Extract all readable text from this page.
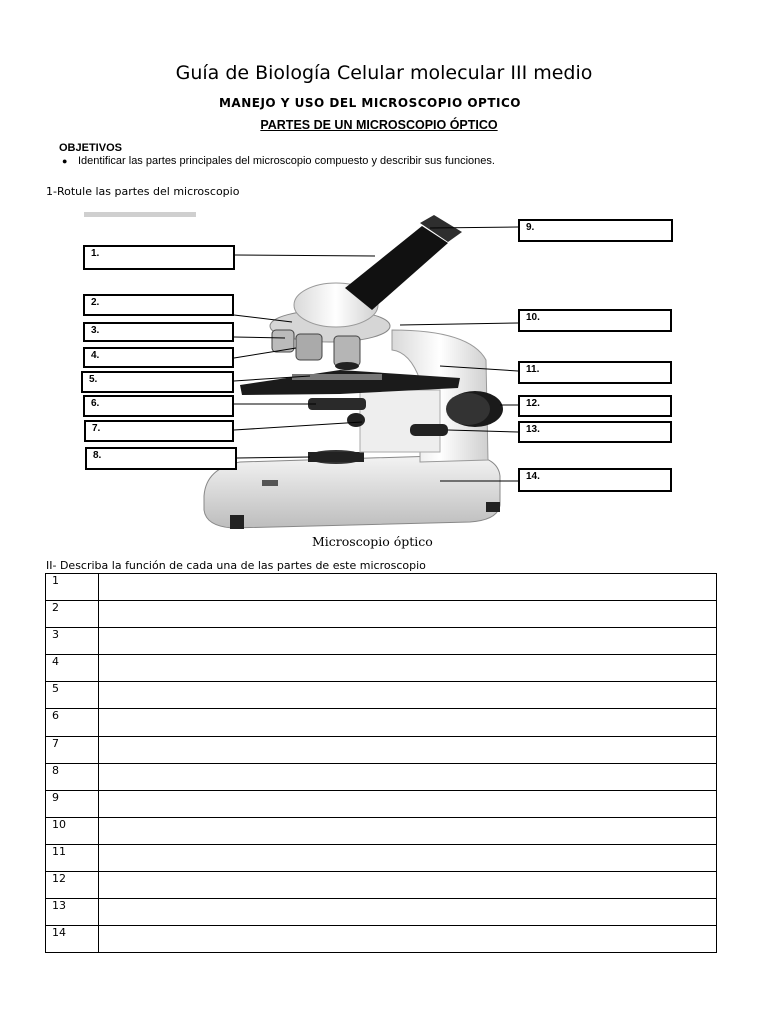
Guía de Biología Celular molecular III medio
MANEJO Y USO DEL MICROSCOPIO OPTICO
PARTES DE UN MICROSCOPIO ÓPTICO
OBJETIVOS
● Identificar las partes principales del microscopio compuesto y describir sus funciones.
1-Rotule las partes del microscopio
1.
2.
3.
4.
5.
6.
7.
8.
9.
10.
11.
12.
13.
14.
Microscopio óptico
II- Describa la función de cada una de las partes de este microscopio
1	
2	
3	
4	
5	
6	
7	
8	
9	
10	
11	
12	
13	
14	
